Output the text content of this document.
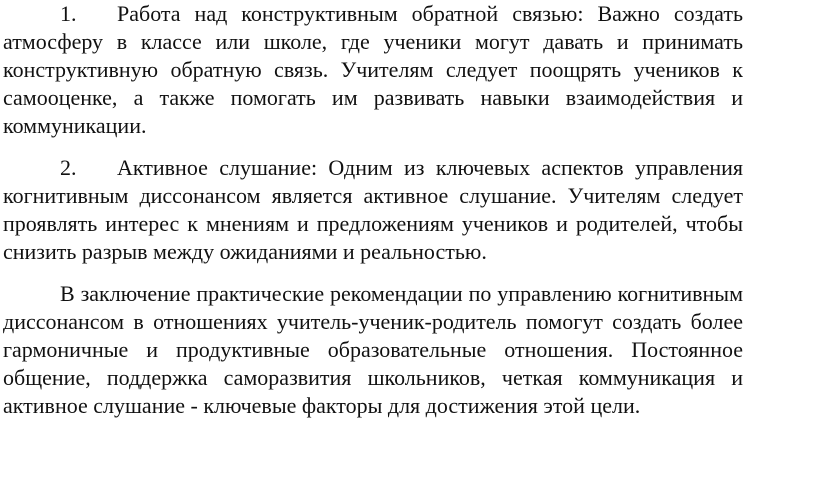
1. Работа над конструктивным обратной связью: Важно создать атмосферу в классе или школе, где ученики могут давать и принимать конструктивную обратную связь. Учителям следует поощрять учеников к самооценке, а также помогать им развивать навыки взаимодействия и коммуникации.

2. Активное слушание: Одним из ключевых аспектов управления когнитивным диссонансом является активное слушание. Учителям следует проявлять интерес к мнениям и предложениям учеников и родителей, чтобы снизить разрыв между ожиданиями и реальностью.

В заключение практические рекомендации по управлению когнитивным диссонансом в отношениях учитель-ученик-родитель помогут создать более гармоничные и продуктивные образовательные отношения. Постоянное общение, поддержка саморазвития школьников, четкая коммуникация и активное слушание - ключевые факторы для достижения этой цели.
